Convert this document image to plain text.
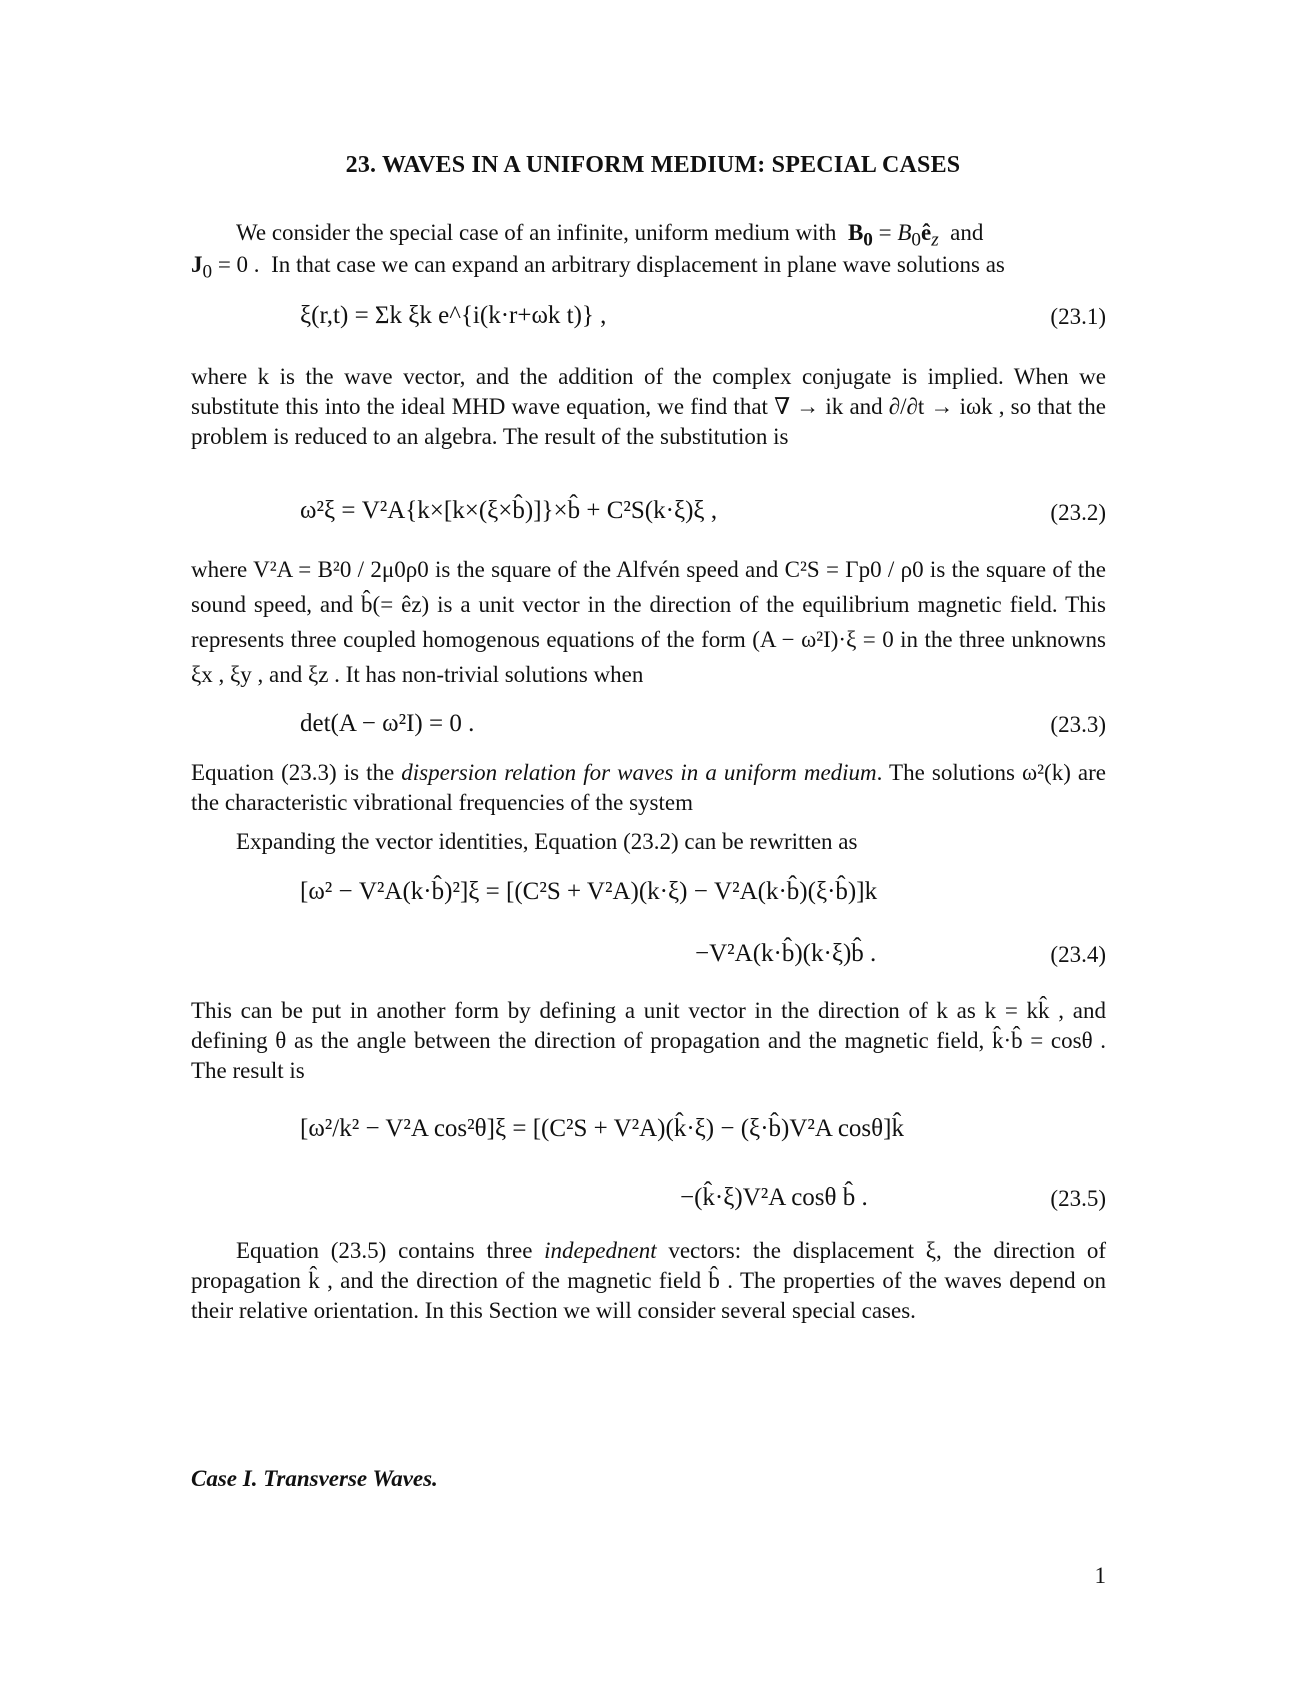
23. WAVES IN A UNIFORM MEDIUM: SPECIAL CASES
We consider the special case of an infinite, uniform medium with  $B_0$ = $B_0ê_z$  and
$J_0 = 0$ .  In that case we can expand an arbitrary displacement in plane wave solutions as
ξ(r,t) = Σk ξk e^{i(k·r+ωk t)} ,	(23.1)
where k is the wave vector, and the addition of the complex conjugate is implied. When we substitute this into the ideal MHD wave equation, we find that ∇ → ik and ∂/∂t → iωk , so that the problem is reduced to an algebra. The result of the substitution is
ω²ξ = V²A{k×[k×(ξ×b̂)]}×b̂ + C²S(k·ξ)ξ ,	(23.2)
where V²A = B²0 / 2μ0ρ0 is the square of the Alfvén speed and C²S = Γp0 / ρ0 is the square of the sound speed, and b̂(= êz) is a unit vector in the direction of the equilibrium magnetic field. This represents three coupled homogenous equations of the form (A − ω²I)·ξ = 0 in the three unknowns ξx , ξy , and ξz . It has non-trivial solutions when
det(A − ω²I) = 0 .	(23.3)
Equation (23.3) is the dispersion relation for waves in a uniform medium. The solutions ω²(k) are the characteristic vibrational frequencies of the system
Expanding the vector identities, Equation (23.2) can be rewritten as
[ω² − V²A(k·b̂)²]ξ = [(C²S + V²A)(k·ξ) − V²A(k·b̂)(ξ·b̂)]k
−V²A(k·b̂)(k·ξ)b̂ .	(23.4)
This can be put in another form by defining a unit vector in the direction of k as k = kk̂ , and defining θ as the angle between the direction of propagation and the magnetic field, k̂·b̂ = cosθ . The result is
[ω²/k² − V²A cos²θ]ξ = [(C²S + V²A)(k̂·ξ) − (ξ·b̂)V²A cosθ]k̂
−(k̂·ξ)V²A cosθ b̂ .	(23.5)
Equation (23.5) contains three indepednent vectors: the displacement ξ, the direction of propagation k̂ , and the direction of the magnetic field b̂ . The properties of the waves depend on their relative orientation. In this Section we will consider several special cases.
Case I. Transverse Waves.
1
